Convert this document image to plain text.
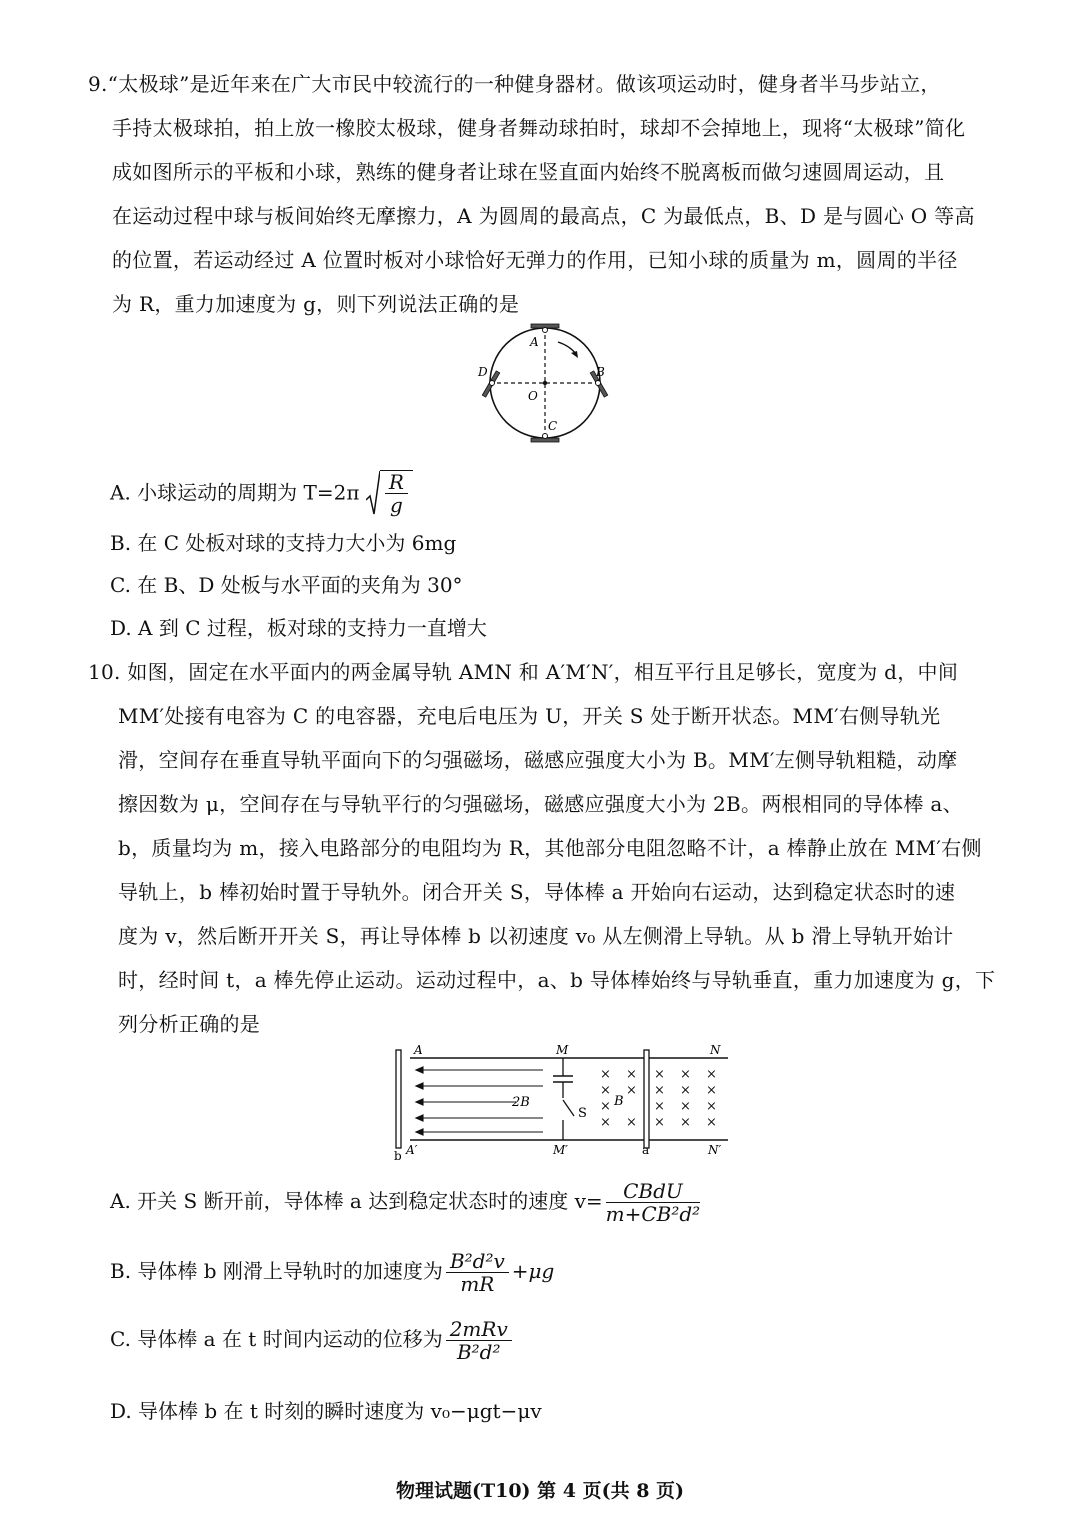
9.“太极球”是近年来在广大市民中较流行的一种健身器材。做该项运动时，健身者半马步站立，
手持太极球拍，拍上放一橡胶太极球，健身者舞动球拍时，球却不会掉地上，现将“太极球”简化
成如图所示的平板和小球，熟练的健身者让球在竖直面内始终不脱离板而做匀速圆周运动，且
在运动过程中球与板间始终无摩擦力，A 为圆周的最高点，C 为最低点，B、D 是与圆心 O 等高
的位置，若运动经过 A 位置时板对小球恰好无弹力的作用，已知小球的质量为 m，圆周的半径
为 R，重力加速度为 g，则下列说法正确的是
A
B
C
D
O
A. 小球运动的周期为 $T=2\pi \frac{R}{g}$
B. 在 C 处板对球的支持力大小为 6mg
C. 在 B、D 处板与水平面的夹角为 30°
D. A 到 C 过程，板对球的支持力一直增大
10. 如图，固定在水平面内的两金属导轨 AMN 和 A′M′N′，相互平行且足够长，宽度为 d，中间
MM′处接有电容为 C 的电容器，充电后电压为 U，开关 S 处于断开状态。MM′右侧导轨光
滑，空间存在垂直导轨平面向下的匀强磁场，磁感应强度大小为 B。MM′左侧导轨粗糙，动摩
擦因数为 μ，空间存在与导轨平行的匀强磁场，磁感应强度大小为 2B。两根相同的导体棒 a、
b，质量均为 m，接入电路部分的电阻均为 R，其他部分电阻忽略不计，a 棒静止放在 MM′右侧
导轨上，b 棒初始时置于导轨外。闭合开关 S，导体棒 a 开始向右运动，达到稳定状态时的速
度为 v，然后断开开关 S，再让导体棒 b 以初速度 v₀ 从左侧滑上导轨。从 b 滑上导轨开始计
时，经时间 t，a 棒先停止运动。运动过程中，a、b 导体棒始终与导轨垂直，重力加速度为 g，下
列分析正确的是
S
2B	B
× ×
× ×
×
× ×
× × ×
× × ×
× × ×
× × ×
A
A′
M
M′
N
N′
b	a
A. 开关 S 断开前，导体棒 a 达到稳定状态时的速度 $v= \frac{\text{CBdU}}{\text{m+CB²d²}}$
B. 导体棒 b 刚滑上导轨时的加速度为 $\frac{\text{B²d²v}}{mR} +\mu g$
C. 导体棒 a 在 t 时间内运动的位移为 $\frac{\text{2mRv}}{\text{B²d²}}$
D. 导体棒 b 在 t 时刻的瞬时速度为 v₀−μgt−μv
物理试题(T10) 第 4 页(共 8 页)
